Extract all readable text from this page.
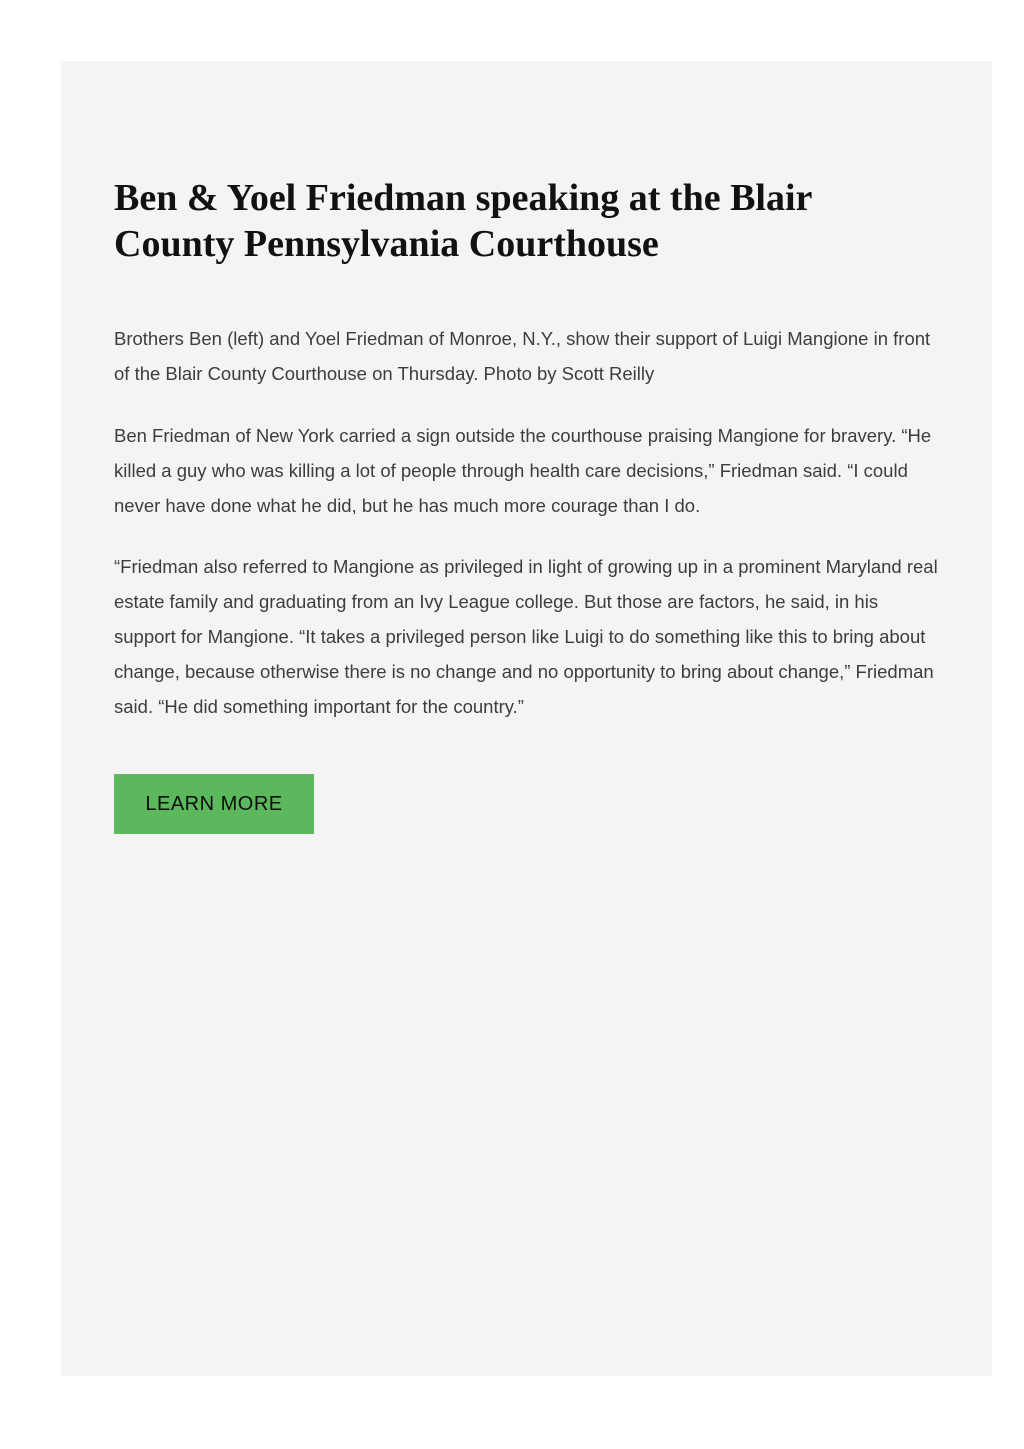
Ben & Yoel Friedman speaking at the Blair County Pennsylvania Courthouse

Brothers Ben (left) and Yoel Friedman of Monroe, N.Y., show their support of Luigi Mangione in front of the Blair County Courthouse on Thursday. Photo by Scott Reilly

Ben Friedman of New York carried a sign outside the courthouse praising Mangione for bravery. “He killed a guy who was killing a lot of people through health care decisions,” Friedman said. “I could never have done what he did, but he has much more courage than I do.

“Friedman also referred to Mangione as privileged in light of growing up in a prominent Maryland real estate family and graduating from an Ivy League college. But those are factors, he said, in his support for Mangione. “It takes a privileged person like Luigi to do something like this to bring about change, because otherwise there is no change and no opportunity to bring about change,” Friedman said. “He did something important for the country.”

LEARN MORE
